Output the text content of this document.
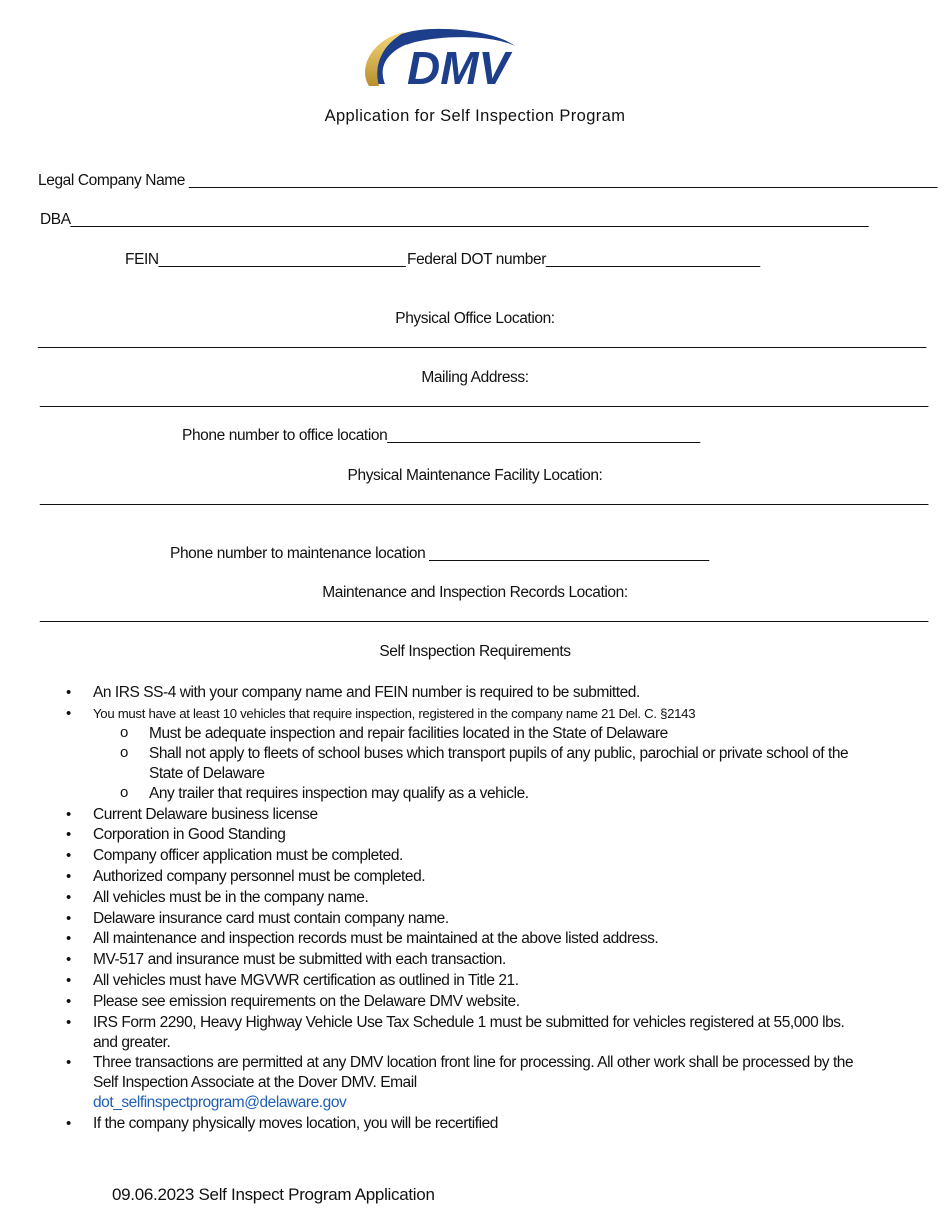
DMV
Application for Self Inspection Program
Legal Company Name ___________________________________________________________________________________________
DBA_________________________________________________________________________________________________
FEIN______________________________ Federal DOT number__________________________
Physical Office Location:
____________________________________________________________________________________________________________
Mailing Address:
____________________________________________________________________________________________________________
Phone number to office location______________________________________
Physical Maintenance Facility Location:
____________________________________________________________________________________________________________
Phone number to maintenance location __________________________________
Maintenance and Inspection Records Location:
____________________________________________________________________________________________________________
Self Inspection Requirements
• An IRS SS-4 with your company name and FEIN number is required to be submitted.
• You must have at least 10 vehicles that require inspection, registered in the company name 21 Del. C. §2143
o Must be adequate inspection and repair facilities located in the State of Delaware
o Shall not apply to fleets of school buses which transport pupils of any public, parochial or private school of the State of Delaware
o Any trailer that requires inspection may qualify as a vehicle.
• Current Delaware business license
• Corporation in Good Standing
• Company officer application must be completed.
• Authorized company personnel must be completed.
• All vehicles must be in the company name.
• Delaware insurance card must contain company name.
• All maintenance and inspection records must be maintained at the above listed address.
• MV-517 and insurance must be submitted with each transaction.
• All vehicles must have MGVWR certification as outlined in Title 21.
• Please see emission requirements on the Delaware DMV website.
• IRS Form 2290, Heavy Highway Vehicle Use Tax Schedule 1 must be submitted for vehicles registered at 55,000 lbs. and greater.
• Three transactions are permitted at any DMV location front line for processing. All other work shall be processed by the Self Inspection Associate at the Dover DMV. Email
dot_selfinspectprogram@delaware.gov
• If the company physically moves location, you will be recertified
09.06.2023 Self Inspect Program Application
